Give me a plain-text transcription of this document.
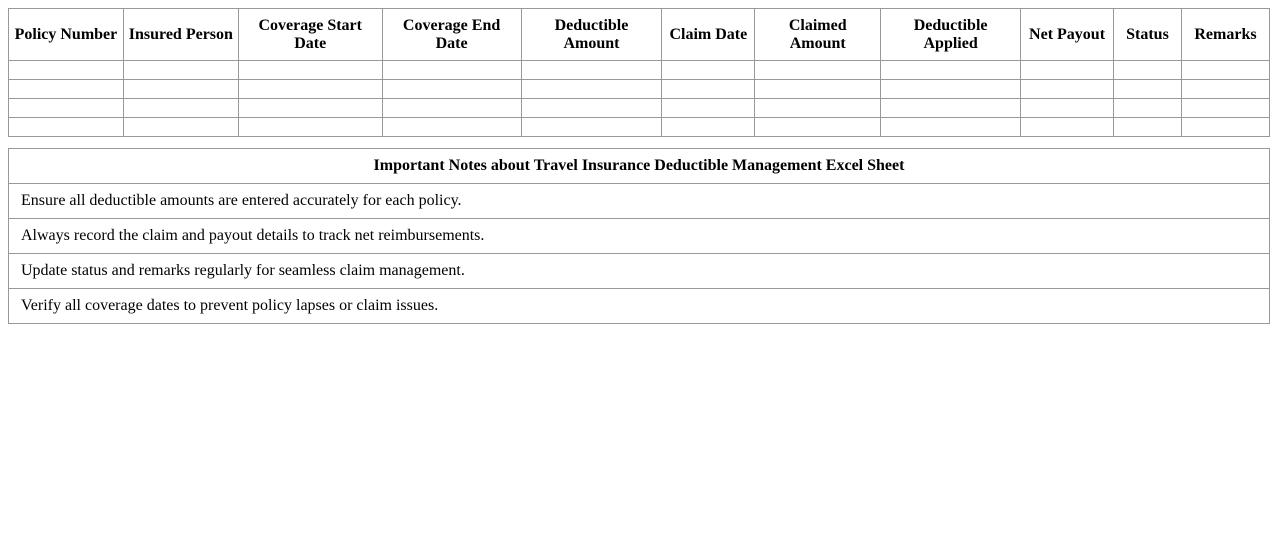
Policy Number	Insured Person	Coverage Start Date	Coverage End Date	Deductible Amount	Claim Date	Claimed Amount	Deductible Applied	Net Payout	Status	Remarks

Important Notes about Travel Insurance Deductible Management Excel Sheet
Ensure all deductible amounts are entered accurately for each policy.
Always record the claim and payout details to track net reimbursements.
Update status and remarks regularly for seamless claim management.
Verify all coverage dates to prevent policy lapses or claim issues.
